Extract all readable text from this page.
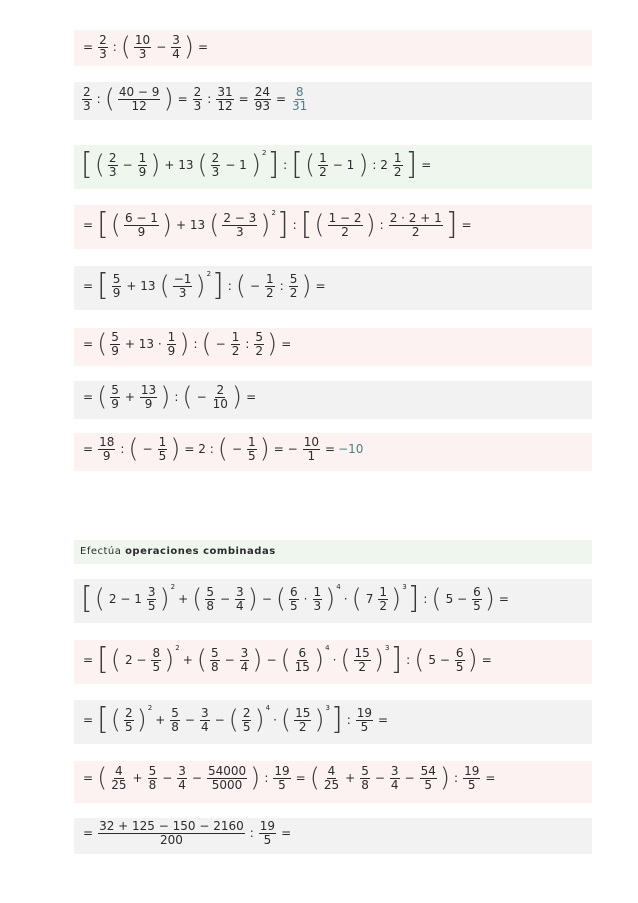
= $\frac{2}{3}$ : ( 10
$3 - \frac{3}{4}$ ) =
2
3 : ( 40 − 9
12 ) = $\frac{2}{3}$ : $\frac{31}{12} = \frac{24}{93} = \frac{8}{31}$
[ ( 2
$3 - \frac{1}{9}$ ) + 13 ( 2
3 − 1 )$^2$ ] : [ ( 1
2 − 1 ) : 2
1
2 ] =
= [ ( 6 − 1
9 ) + 13 ( 2 − 3
3 )$^2$ ] : [ ( 1 − 2
2 ) :
2 · 2 + 1
2 ] =
= [ 5
9 + 13 ( −1
3 )$^2$ ] : ( − $\frac{1}{2}$ :
5
2 ) =
= ( 5
9 + 13 ·
1
9 ) : ( − $\frac{1}{2}$ :
5
2 ) =
= ( 5
$9 + \frac{13}{9}$ ) : ( − $\frac{2}{10}$ ) =
= $\frac{18}{9}$ : ( − $\frac{1}{5}$ ) = 2 : ( − $\frac{1}{5}$ ) = − $\frac{10}{1} = -10$
Efectúa operaciones combinadas
[ ( 2 − 1
3
5 )$^2$
+ ( 5
$8 - \frac{3}{4}$ ) − ( 6
5 ·
1
3 )$^4$
· ( 7
1
2 )$^3$ ] : ( $5 - \frac{6}{5}$ ) =
= [ ( $2 - \frac{8}{5} )^2$
+ ( 5
$8 - \frac{3}{4}$ ) − ( 6
15 )$^4$
· ( 15
2 )$^3$ ] : ( $5 - \frac{6}{5}$ ) =
= [ ( 2
5 )$^2$
+ $\frac{5}{8} - \frac{3}{4}$ − ( 2
5 )$^4$
· ( 15
2 )$^3$ ] : $\frac{19}{5}$ =
= ( 4
$25 + \frac{5}{8} - \frac{3}{4} - \frac{54000}{5000}$ ) : $\frac{19}{5}$ = ( 4
$25 + \frac{5}{8} - \frac{3}{4} - \frac{54}{5}$ ) : $\frac{19}{5}$ =
= $\frac{32 + 125 - 150 - 2160}{200}$ : $\frac{19}{5}$ =
